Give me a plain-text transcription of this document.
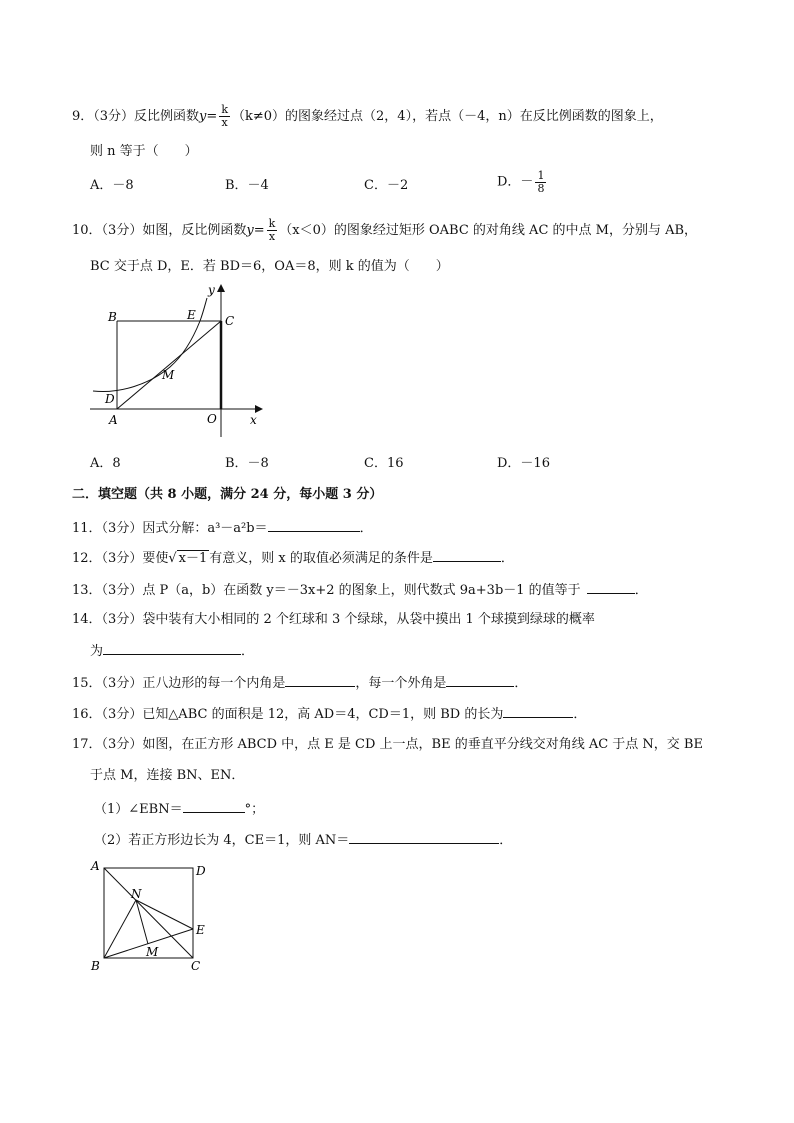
9．（3分）反比例函数$y= \frac{k}{x} (k\ne 0)$的图象经过点（2，4），若点（－4，n）在反比例函数的图象上，
则 n 等于（　　）
A．－8	B．－4	C．－2	D．－ $\frac{1}{8}$
10．（3分）如图，反比例函数$y= \frac{k}{x} (x<0)$的图象经过矩形 OABC 的对角线 AC 的中点 M，分别与 AB，
BC 交于点 D，E．若 BD＝6，OA＝8，则 k 的值为（　　）
y
x
B	E C
M
D
A	O
A．8	B．－8	C．16	D．－16
二．填空题（共 8 小题，满分 24 分，每小题 3 分）
11．（3分）因式分解：a³－a²b＝	．
12．（3分）要使√ x－1 有意义，则 x 的取值必须满足的条件是	．
13．（3分）点 P（a，b）在函数 y＝－3x+2 的图象上，则代数式 9a+3b－1 的值等于	．
14．（3分）袋中装有大小相同的 2 个红球和 3 个绿球，从袋中摸出 1 个球摸到绿球的概率
为	．
15．（3分）正八边形的每一个内角是	，每一个外角是	．
16．（3分）已知△ABC 的面积是 12，高 AD＝4，CD＝1，则 BD 的长为	．
17．（3分）如图，在正方形 ABCD 中，点 E 是 CD 上一点，BE 的垂直平分线交对角线 AC 于点 N，交 BE
于点 M，连接 BN、EN．
（1）∠EBN＝	°；
（2）若正方形边长为 4，CE＝1，则 AN＝	．
A	D
N
E
M
B	C
